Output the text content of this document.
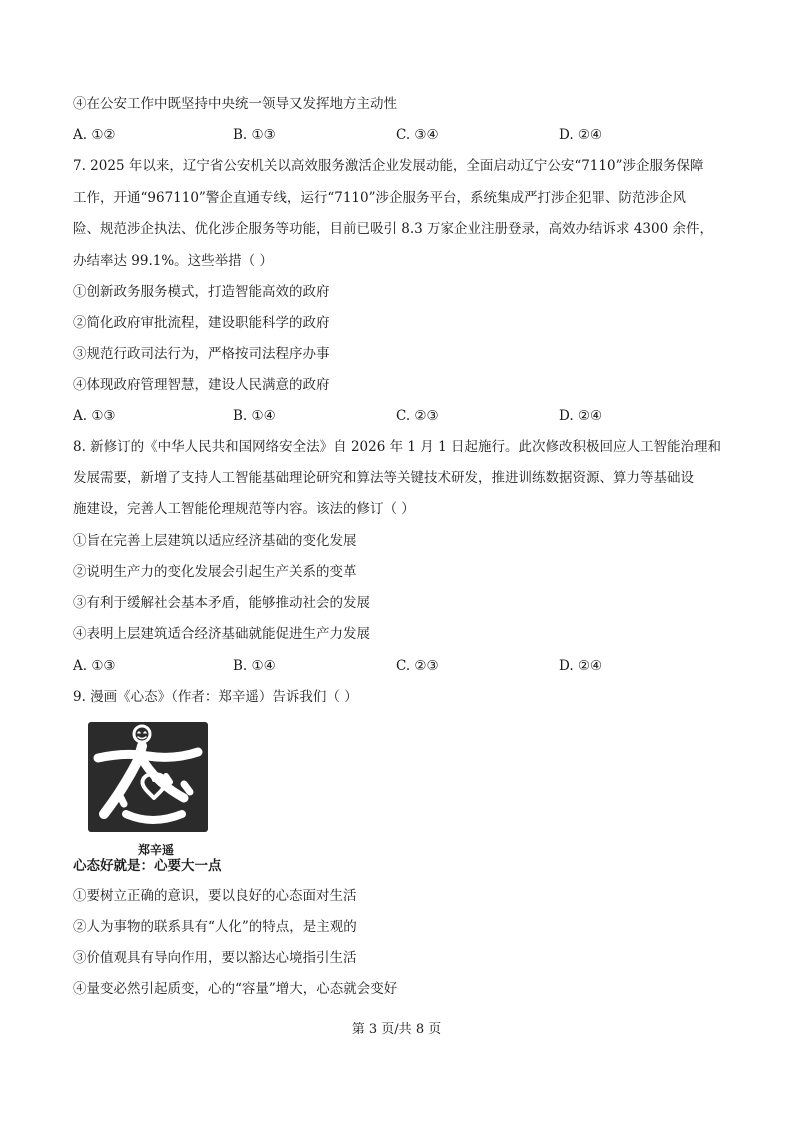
④在公安工作中既坚持中央统一领导又发挥地方主动性
A. ①②	B. ①③	C. ③④	D. ②④
7. 2025 年以来，辽宁省公安机关以高效服务激活企业发展动能，全面启动辽宁公安“7110”涉企服务保障
工作，开通“967110”警企直通专线，运行“7110”涉企服务平台，系统集成严打涉企犯罪、防范涉企风
险、规范涉企执法、优化涉企服务等功能，目前已吸引 8.3 万家企业注册登录，高效办结诉求 4300 余件，
办结率达 99.1%。这些举措（ ）
①创新政务服务模式，打造智能高效的政府
②简化政府审批流程，建设职能科学的政府
③规范行政司法行为，严格按司法程序办事
④体现政府管理智慧，建设人民满意的政府
A. ①③	B. ①④	C. ②③	D. ②④
8. 新修订的《中华人民共和国网络安全法》自 2026 年 1 月 1 日起施行。此次修改积极回应人工智能治理和
发展需要，新增了支持人工智能基础理论研究和算法等关键技术研发，推进训练数据资源、算力等基础设
施建设，完善人工智能伦理规范等内容。该法的修订（ ）
①旨在完善上层建筑以适应经济基础的变化发展
②说明生产力的变化发展会引起生产关系的变革
③有利于缓解社会基本矛盾，能够推动社会的发展
④表明上层建筑适合经济基础就能促进生产力发展
A. ①③	B. ①④	C. ②③	D. ②④
9. 漫画《心态》（作者：郑辛遥）告诉我们（ ）
郑辛遥
心态好就是：心要大一点
①要树立正确的意识，要以良好的心态面对生活
②人为事物的联系具有“人化”的特点，是主观的
③价值观具有导向作用，要以豁达心境指引生活
④量变必然引起质变，心的“容量”增大，心态就会变好
第 3 页/共 8 页
